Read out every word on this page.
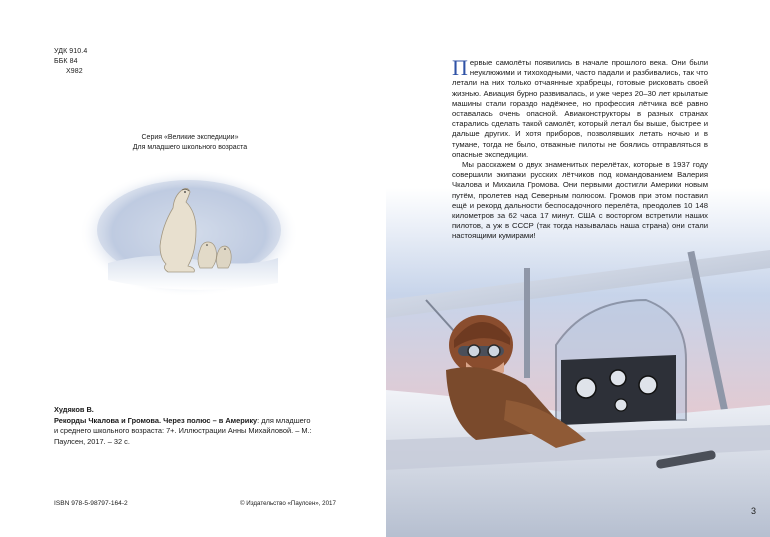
УДК 910.4
ББК 84
Х982
Серия «Великие экспедиции»
Для младшего школьного возраста
Худяков В.
Рекорды Чкалова и Громова. Через полюс – в Америку: для младшего и среднего школьного возраста: 7+. Иллюстрации Анны Михайловой. – М.: Паулсен, 2017. – 32 с.
ISBN 978-5-98797-164-2	© Издательство «Паулсен», 2017

Первые самолёты появились в начале прошлого века. Они были неуклюжими и тихоходными, часто падали и разбивались, так что летали на них только отчаянные храбрецы, готовые рисковать своей жизнью. Авиация бурно развивалась, и уже через 20–30 лет крылатые машины стали гораздо надёжнее, но профессия лётчика всё равно оставалась очень опасной. Авиаконструкторы в разных странах старались сделать такой самолёт, который летал бы выше, быстрее и дальше других. И хотя приборов, позволявших летать ночью и в тумане, тогда не было, отважные пилоты не боялись отправляться в опасные экспедиции.

Мы расскажем о двух знаменитых перелётах, которые в 1937 году совершили экипажи русских лётчиков под командованием Валерия Чкалова и Михаила Громова. Они первыми достигли Америки новым путём, пролетев над Северным полюсом. Громов при этом поставил ещё и рекорд дальности беспосадочного перелёта, преодолев 10 148 километров за 62 часа 17 минут. США с восторгом встретили наших пилотов, а уж в СССР (так тогда называлась наша страна) они стали настоящими кумирами!

3
